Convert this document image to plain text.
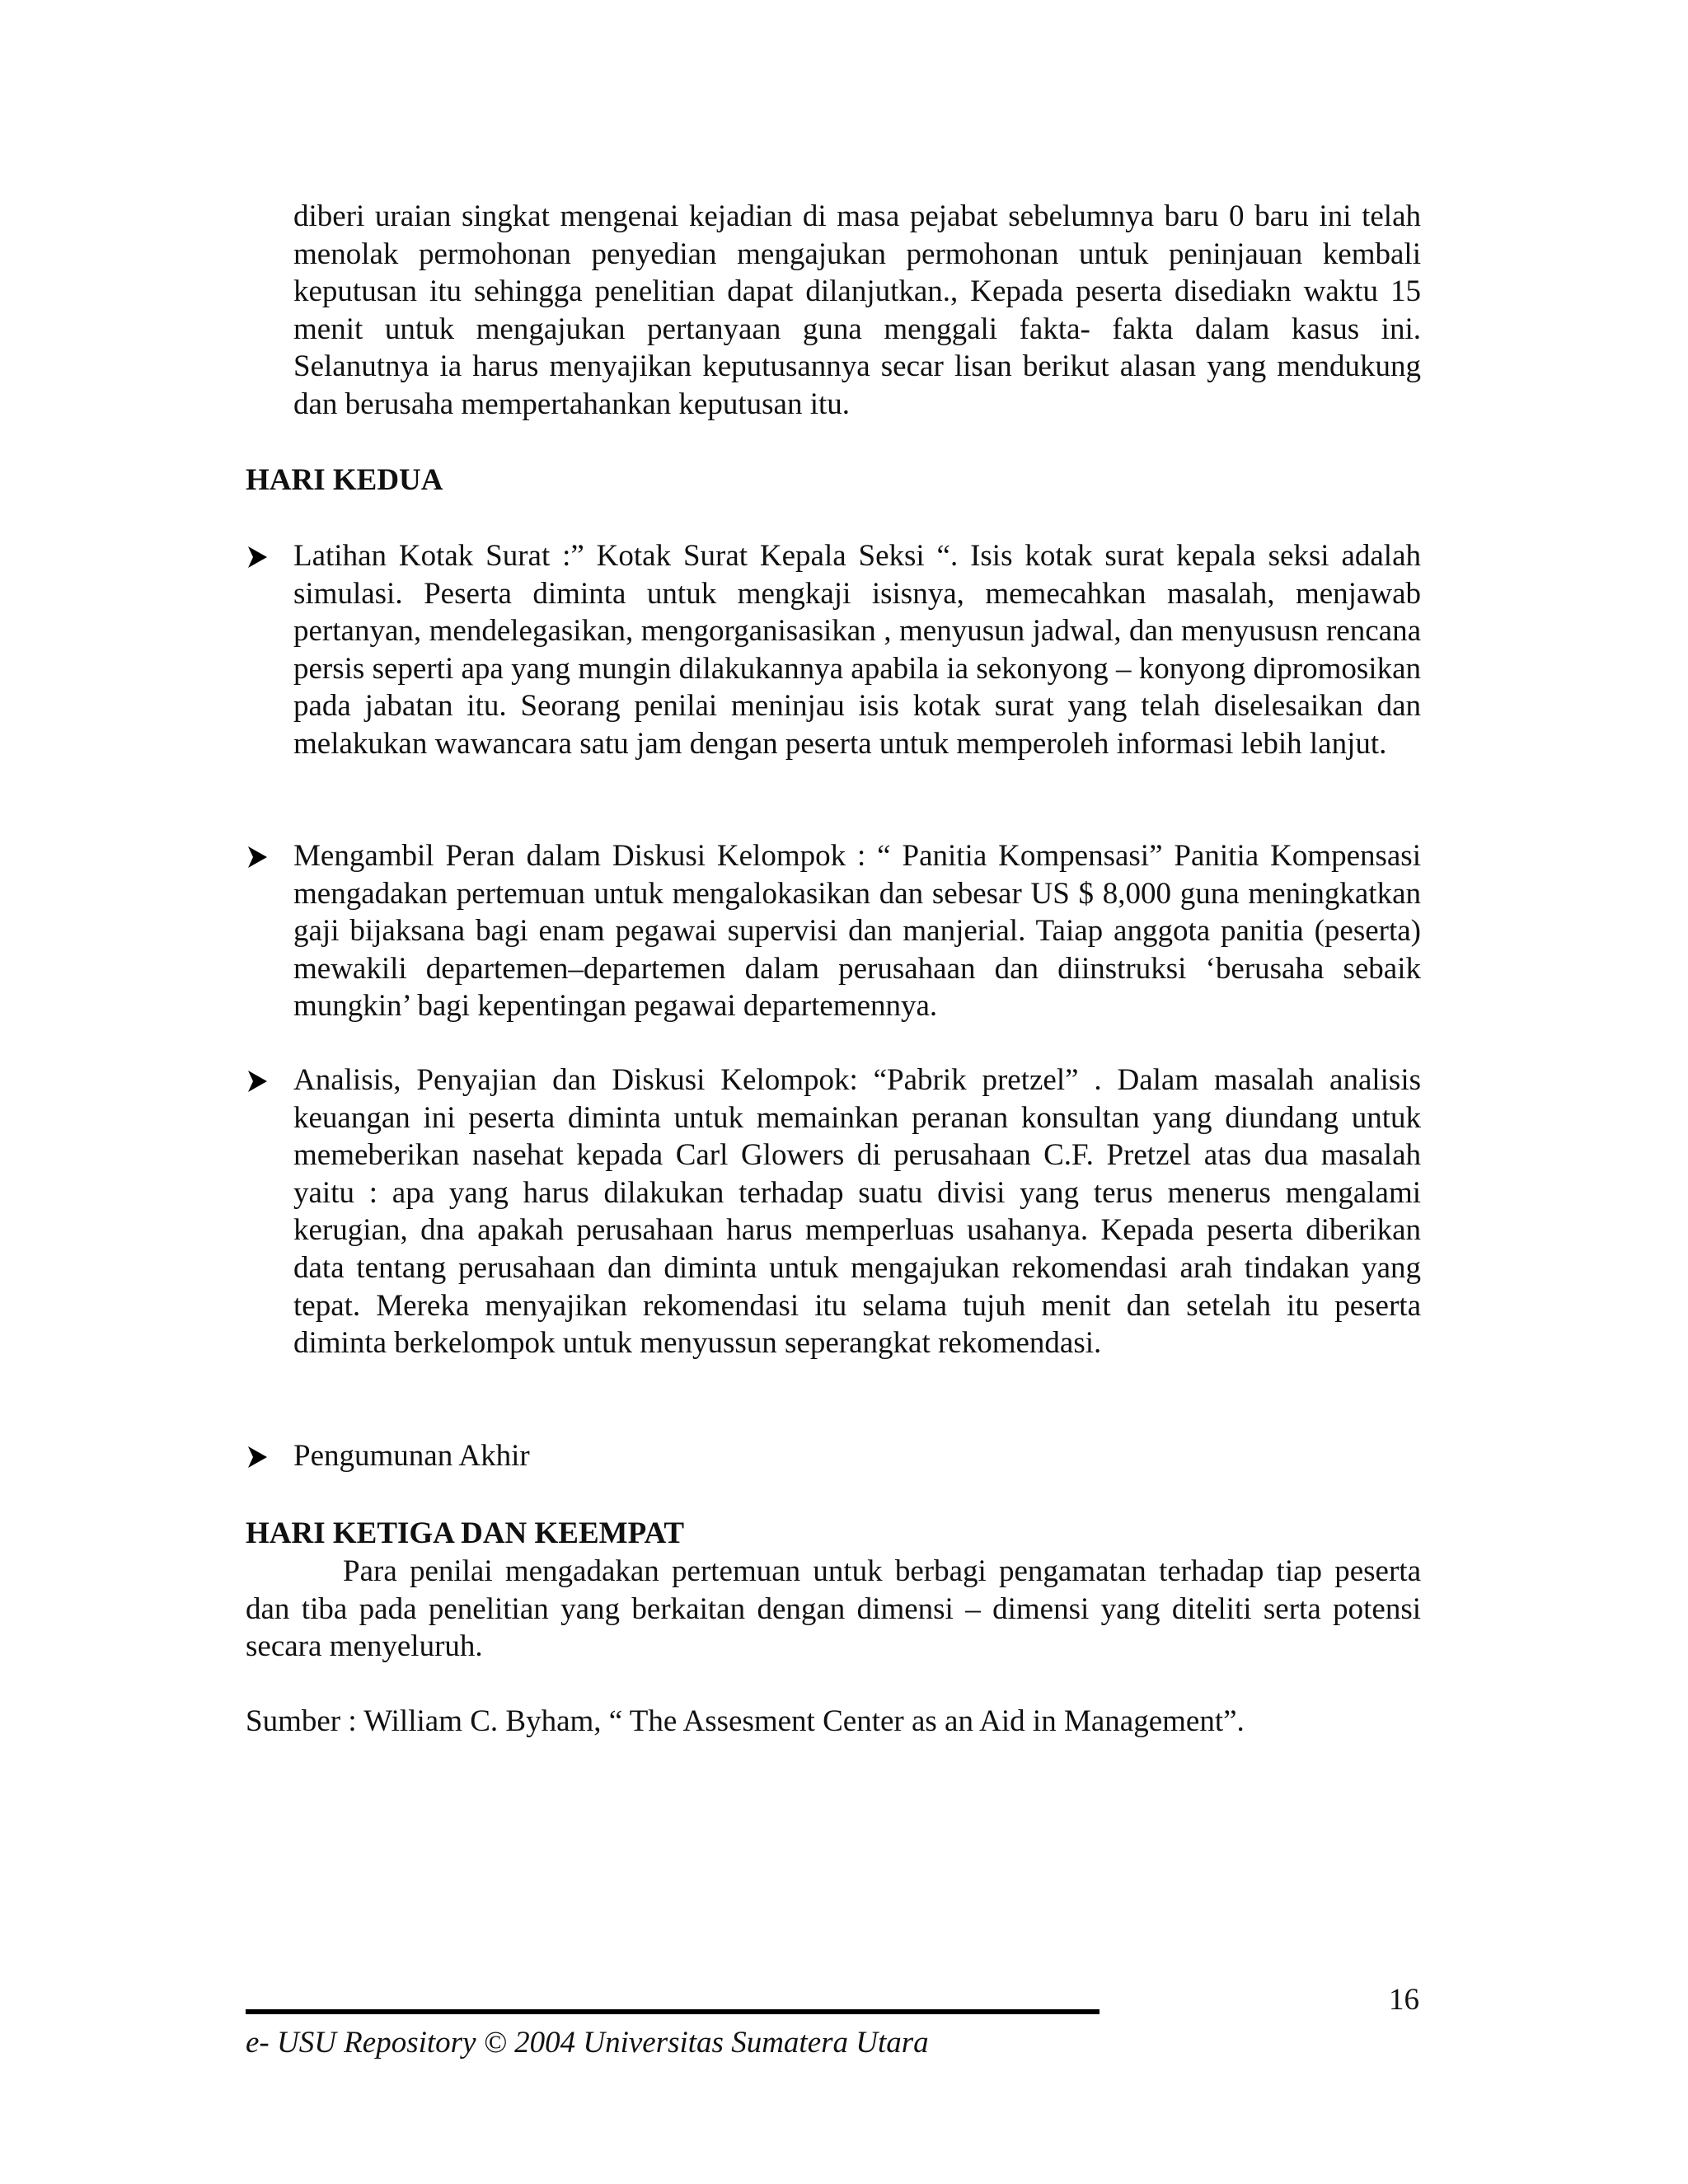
diberi uraian singkat mengenai kejadian di masa pejabat sebelumnya baru 0 baru ini telah menolak permohonan penyedian mengajukan permohonan untuk peninjauan kembali keputusan itu sehingga penelitian dapat dilanjutkan., Kepada peserta disediakn waktu 15 menit untuk mengajukan pertanyaan guna menggali fakta- fakta dalam kasus ini. Selanutnya ia harus menyajikan keputusannya secar lisan berikut alasan yang mendukung dan berusaha mempertahankan keputusan itu.
HARI KEDUA
Latihan Kotak Surat :” Kotak Surat Kepala Seksi “. Isis kotak surat kepala seksi adalah simulasi. Peserta diminta untuk mengkaji isisnya, memecahkan masalah, menjawab pertanyan, mendelegasikan, mengorganisasikan , menyusun jadwal, dan menyususn rencana persis seperti apa yang mungin dilakukannya apabila ia sekonyong – konyong dipromosikan pada jabatan itu. Seorang penilai meninjau isis kotak surat yang telah diselesaikan dan melakukan wawancara satu jam dengan peserta untuk memperoleh informasi lebih lanjut.
Mengambil Peran dalam Diskusi Kelompok : “ Panitia Kompensasi” Panitia Kompensasi mengadakan pertemuan untuk mengalokasikan dan sebesar US $ 8,000 guna meningkatkan gaji bijaksana bagi enam pegawai supervisi dan manjerial. Taiap anggota panitia (peserta) mewakili departemen–departemen dalam perusahaan dan diinstruksi ‘berusaha sebaik mungkin’ bagi kepentingan pegawai departemennya.
Analisis, Penyajian dan Diskusi Kelompok: “Pabrik pretzel” . Dalam masalah analisis keuangan ini peserta diminta untuk memainkan peranan konsultan yang diundang untuk memeberikan nasehat kepada Carl Glowers di perusahaan C.F. Pretzel atas dua masalah yaitu : apa yang harus dilakukan terhadap suatu divisi yang terus menerus mengalami kerugian, dna apakah perusahaan harus memperluas usahanya. Kepada peserta diberikan data tentang perusahaan dan diminta untuk mengajukan rekomendasi arah tindakan yang tepat. Mereka menyajikan rekomendasi itu selama tujuh menit dan setelah itu peserta diminta berkelompok untuk menyussun seperangkat rekomendasi.
Pengumunan Akhir
HARI KETIGA DAN KEEMPAT
Para penilai mengadakan pertemuan untuk berbagi pengamatan terhadap tiap peserta dan tiba pada penelitian yang berkaitan dengan dimensi – dimensi yang diteliti serta potensi secara menyeluruh.
Sumber : William C. Byham, “ The Assesment Center as an Aid in Management”.
16
e- USU Repository © 2004 Universitas Sumatera Utara
